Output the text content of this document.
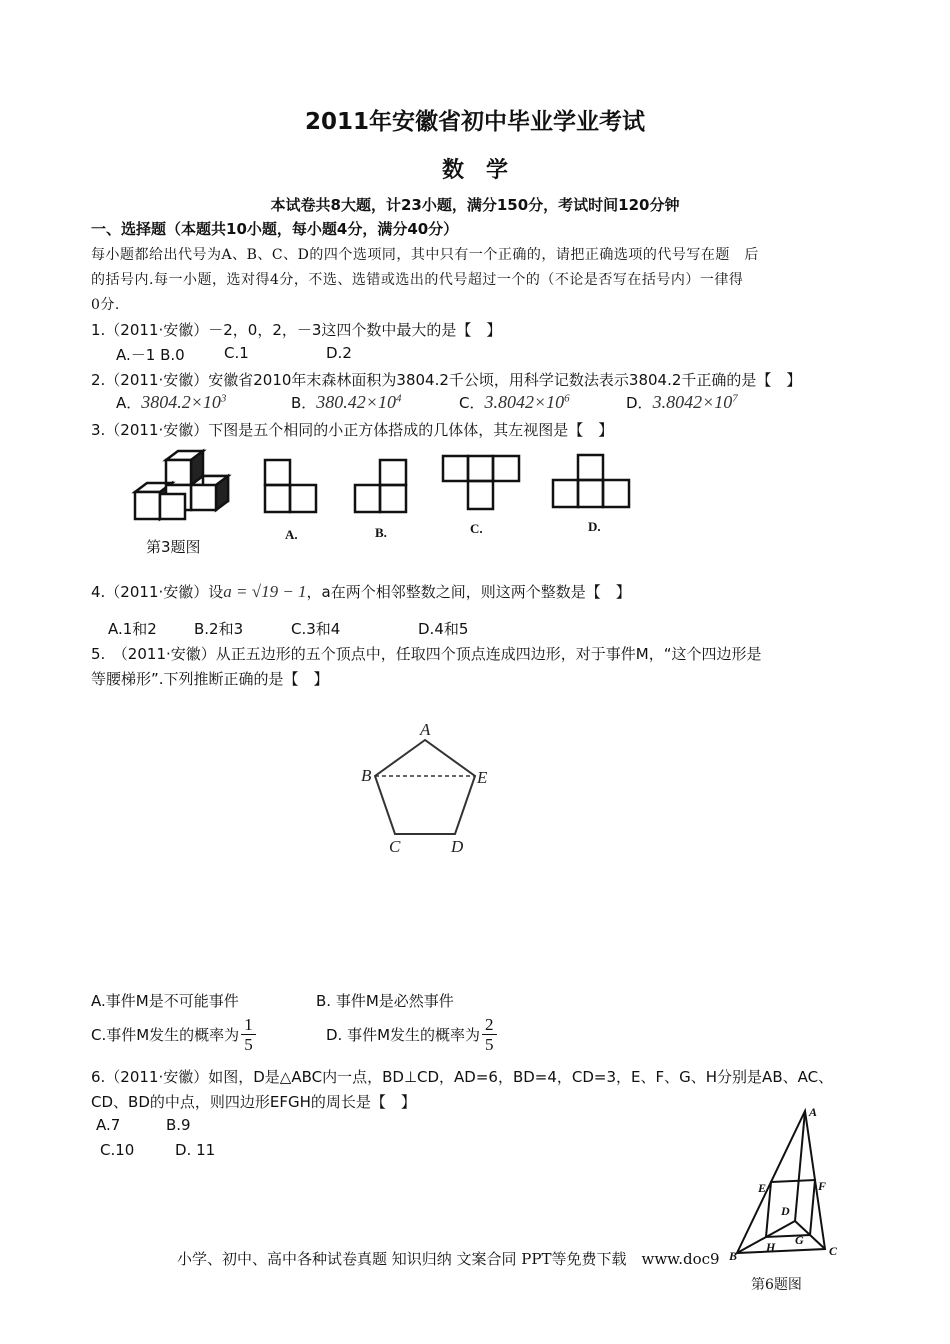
2011年安徽省初中毕业学业考试
数　学
本试卷共8大题，计23小题，满分150分，考试时间120分钟
一、选择题（本题共10小题，每小题4分，满分40分）
每小题都给出代号为A、B、C、D的四个选项同，其中只有一个正确的，请把正确选项的代号写在题　后
的括号内.每一小题，选对得4分，不选、选错或选出的代号超过一个的（不论是否写在括号内）一律得
0分.
1.（2011·安徽）－2，0，2，－3这四个数中最大的是【　】
A.－1 B.0	C.1	D.2
2.（2011·安徽）安徽省2010年末森林面积为3804.2千公顷，用科学记数法表示3804.2千正确的是【　】
A．$3804.2\times 10^3$	B．$380.42\times 10^4$	C．$3.8042\times 10^6$	D．$3.8042\times 10^7$
3.（2011·安徽）下图是五个相同的小正方体搭成的几体体，其左视图是【　】
第3题图
A.	B.	C.	D.
4.（2011·安徽）设a = √19 − 1，a在两个相邻整数之间，则这两个整数是【　】
A.1和2 B.2和3	C.3和4	D.4和5
5.　（2011·安徽）从正五边形的五个顶点中，任取四个顶点连成四边形，对于事件M，“这个四边形是
等腰梯形”.下列推断正确的是【　】
A
B	E
C	D
A.事件M是不可能事件	B. 事件M是必然事件
C.事件M发生的概率为 $\frac{1}{5}$	D. 事件M发生的概率为 $\frac{2}{5}$
6.（2011·安徽）如图，D是△ABC内一点，BD⊥CD，AD=6，BD=4，CD=3，E、F、G、H分别是AB、AC、
CD、BD的中点，则四边形EFGH的周长是【　】
A.7	B.9
C.10	D. 11
A
B	C
D
E	F
G
H
小学、初中、高中各种试卷真题 知识归纳 文案合同 PPT等免费下载　www.doc9
第6题图
